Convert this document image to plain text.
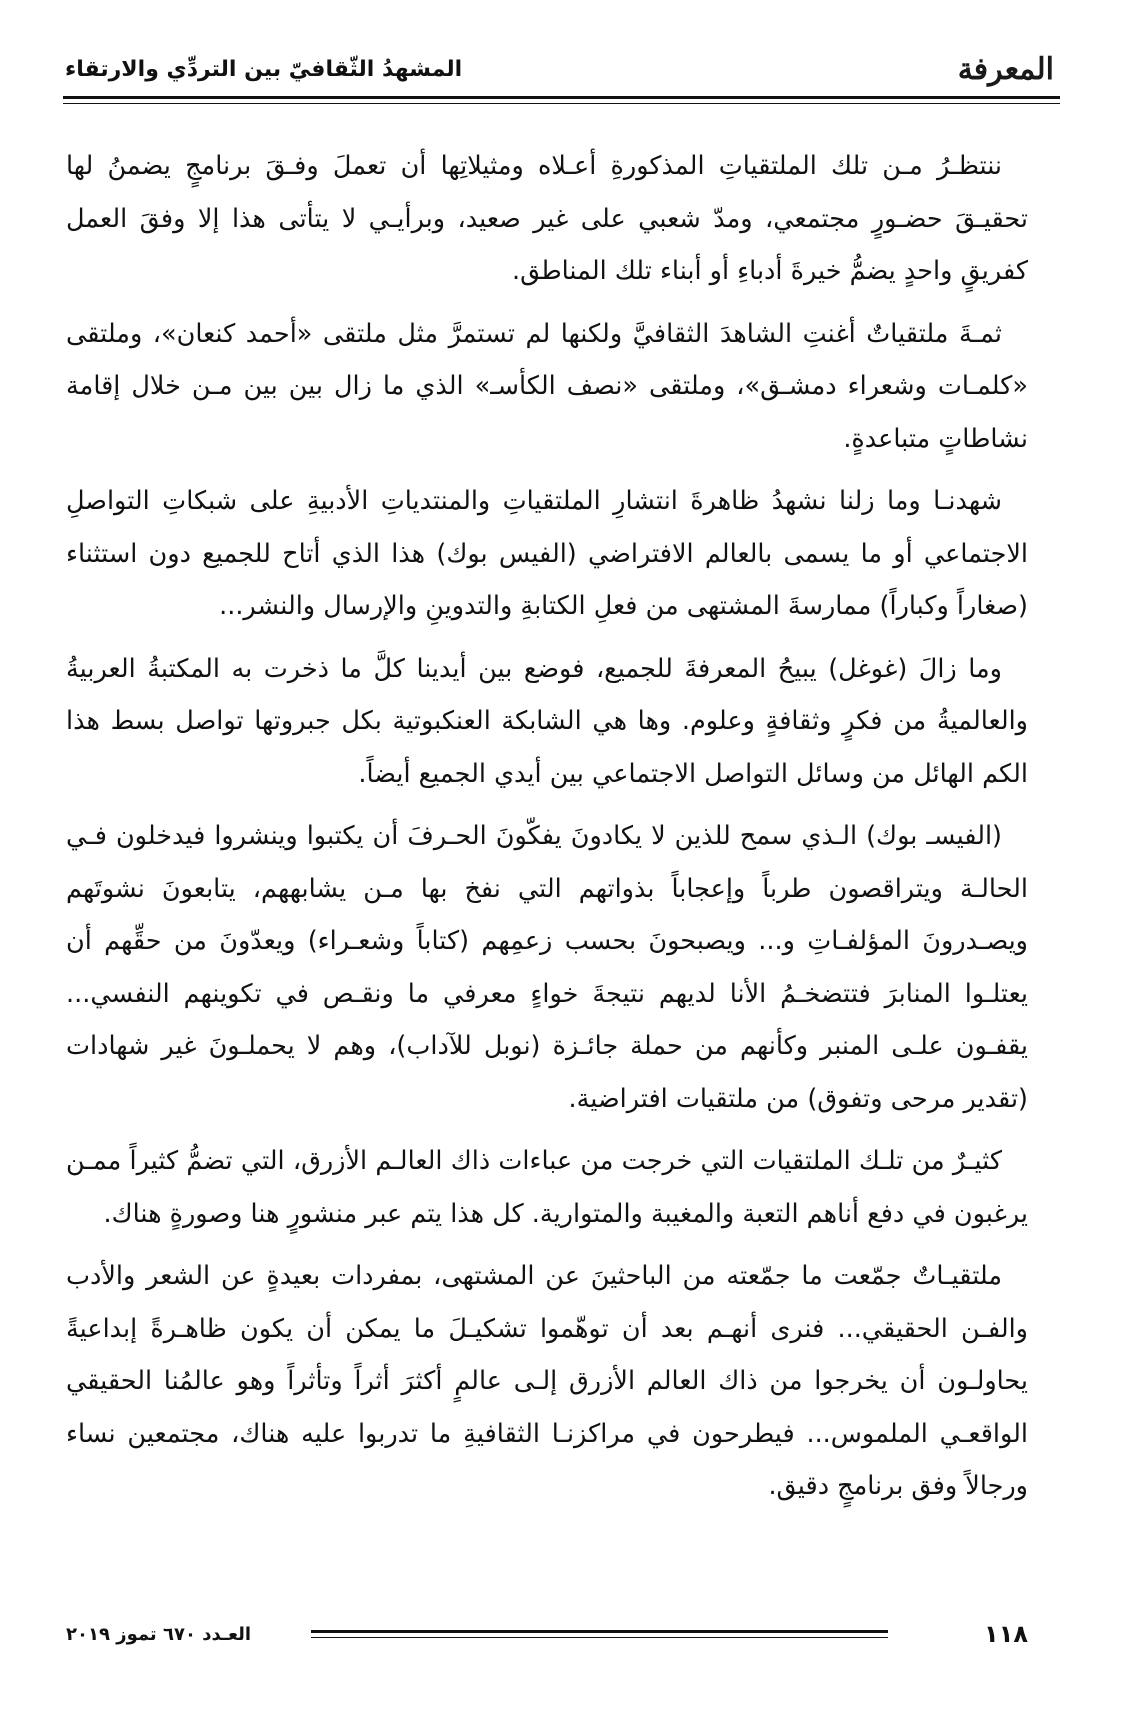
المعرفة
المشهدُ الثّقافيّ بين التردِّي والارتقاء

ننتظـرُ مـن تلك الملتقياتِ المذكورةِ أعـلاه ومثيلاتِها أن تعملَ وفـقَ برنامجٍ يضمنُ لها تحقيـقَ حضـورٍ مجتمعي، ومدّ شعبي على غير صعيد، وبرأيـي لا يتأتى هذا إلا وفقَ العمل كفريقٍ واحدٍ يضمُّ خيرةَ أدباءِ أو أبناء تلك المناطق.

ثمـةَ ملتقياتٌ أغنتِ الشاهدَ الثقافيَّ ولكنها لم تستمرَّ مثل ملتقى «أحمد كنعان»، وملتقى «كلمـات وشعراء دمشـق»، وملتقى «نصف الكأسـ» الذي ما زال بين بين مـن خلال إقامة نشاطاتٍ متباعدةٍ.

شهدنـا وما زلنا نشهدُ ظاهرةَ انتشارِ الملتقياتِ والمنتدياتِ الأدبيةِ على شبكاتِ التواصلِ الاجتماعي أو ما يسمى بالعالم الافتراضي (الفيس بوك) هذا الذي أتاح للجميع دون استثناء (صغاراً وكباراً) ممارسةَ المشتهى من فعلِ الكتابةِ والتدوينِ والإرسال والنشر...

وما زالَ (غوغل) يبيحُ المعرفةَ للجميع، فوضع بين أيدينا كلَّ ما ذخرت به المكتبةُ العربيةُ والعالميةُ من فكرٍ وثقافةٍ وعلوم. وها هي الشابكة العنكبوتية بكل جبروتها تواصل بسط هذا الكم الهائل من وسائل التواصل الاجتماعي بين أيدي الجميع أيضاً.

(الفيسـ بوك) الـذي سمح للذين لا يكادونَ يفكّونَ الحـرفَ أن يكتبوا وينشروا فيدخلون فـي الحالـة ويتراقصون طرباً وإعجاباً بذواتهم التي نفخ بها مـن يشابههم، يتابعونَ نشوتَهم ويصـدرونَ المؤلفـاتِ و... ويصبحونَ بحسب زعمِهم (كتاباً وشعـراء) ويعدّونَ من حقِّهم أن يعتلـوا المنابرَ فتتضخـمُ الأنا لديهم نتيجةَ خواءٍ معرفي ما ونقـص في تكوينهم النفسي... يقفـون علـى المنبر وكأنهم من حملة جائـزة (نوبل للآداب)، وهم لا يحملـونَ غير شهادات (تقدير مرحى وتفوق) من ملتقيات افتراضية.

كثيـرٌ من تلـك الملتقيات التي خرجت من عباءات ذاك العالـم الأزرق، التي تضمُّ كثيراً ممـن يرغبون في دفع أناهم التعبة والمغيبة والمتوارية. كل هذا يتم عبر منشورٍ هنا وصورةٍ هناك.

ملتقيـاتٌ جمّعت ما جمّعته من الباحثينَ عن المشتهى، بمفردات بعيدةٍ عن الشعر والأدب والفـن الحقيقي... فنرى أنهـم بعد أن توهّموا تشكيـلَ ما يمكن أن يكون ظاهـرةً إبداعيةً يحاولـون أن يخرجوا من ذاك العالم الأزرق إلـى عالمٍ أكثرَ أثراً وتأثراً وهو عالمُنا الحقيقي الواقعـي الملموس... فيطرحون في مراكزنـا الثقافيةِ ما تدربوا عليه هناك، مجتمعين نساء ورجالاً وفق برنامجٍ دقيق.

١١٨
العـدد ٦٧٠ تموز ٢٠١٩
